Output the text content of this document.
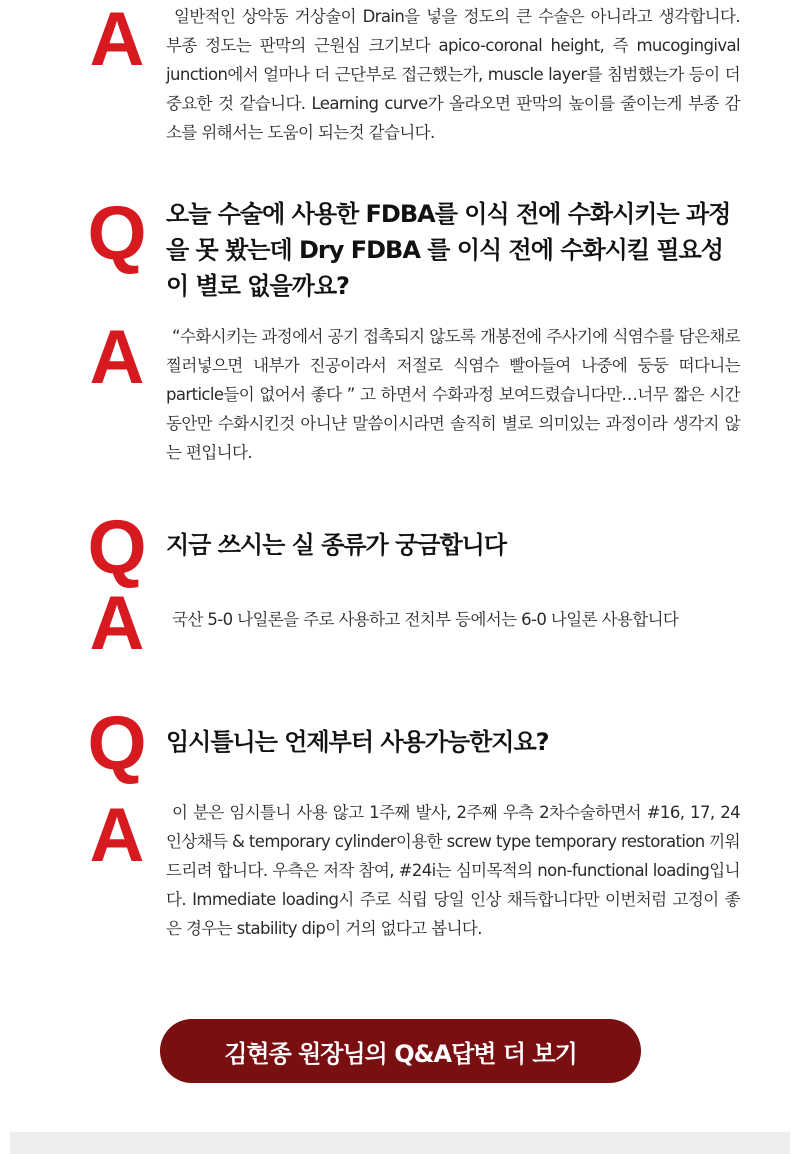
A	일반적인 상악동 거상술이 Drain을 넣을 정도의 큰 수술은 아니라고 생각합니다. 부종 정도는 판막의 근원심 크기보다 apico-coronal height, 즉 mucogingival junction에서 얼마나 더 근단부로 접근했는가, muscle layer를 침범했는가 등이 더 중요한 것 같습니다. Learning curve가 올라오면 판막의 높이를 줄이는게 부종 감소를 위해서는 도움이 되는것 같습니다.
Q 오늘 수술에 사용한 FDBA를 이식 전에 수화시키는 과정을 못 봤는데 Dry FDBA 를 이식 전에 수화시킬 필요성이 별로 없을까요?
A	“수화시키는 과정에서 공기 접촉되지 않도록 개봉전에 주사기에 식염수를 담은채로 찔러넣으면 내부가 진공이라서 저절로 식염수 빨아들여 나중에 둥둥 떠다니는 particle들이 없어서 좋다 ” 고 하면서 수화과정 보여드렸습니다만…너무 짧은 시간동안만 수화시킨것 아니냔 말씀이시라면 솔직히 별로 의미있는 과정이라 생각지 않는 편입니다.
Q 지금 쓰시는 실 종류가 궁금합니다
A	국산 5-0 나일론을 주로 사용하고 전치부 등에서는 6-0 나일론 사용합니다
Q 임시틀니는 언제부터 사용가능한지요?
A	이 분은 임시틀니 사용 않고 1주째 발사, 2주째 우측 2차수술하면서 #16, 17, 24 인상채득 & temporary cylinder이용한 screw type temporary restoration 끼워드리려 합니다. 우측은 저작 참여, #24i는 심미목적의 non-functional loading입니다. Immediate loading시 주로 식립 당일 인상 채득합니다만 이번처럼 고정이 좋은 경우는 stability dip이 거의 없다고 봅니다.
김현종 원장님의 Q&A답변 더 보기
